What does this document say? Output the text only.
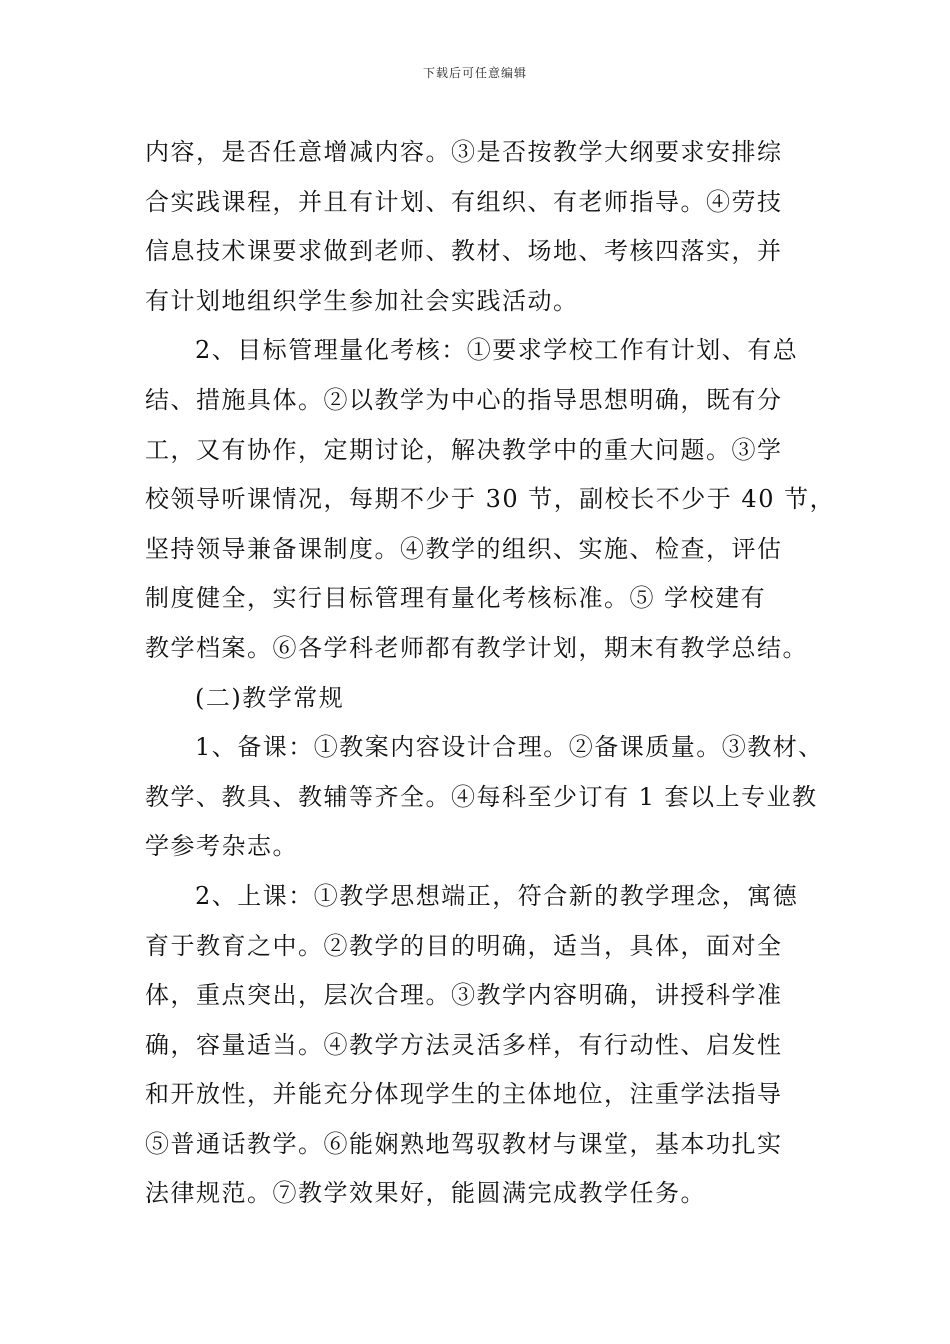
下载后可任意编辑
内容，是否任意增减内容。③是否按教学大纲要求安排综
合实践课程，并且有计划、有组织、有老师指导。④劳技
信息技术课要求做到老师、教材、场地、考核四落实，并
有计划地组织学生参加社会实践活动。
2、目标管理量化考核：①要求学校工作有计划、有总
结、措施具体。②以教学为中心的指导思想明确，既有分
工，又有协作，定期讨论，解决教学中的重大问题。③学
校领导听课情况，每期不少于 30 节，副校长不少于 40 节，
坚持领导兼备课制度。④教学的组织、实施、检查，评估
制度健全，实行目标管理有量化考核标准。⑤ 学校建有
教学档案。⑥各学科老师都有教学计划，期末有教学总结。
(二)教学常规
1、备课：①教案内容设计合理。②备课质量。③教材、
教学、教具、教辅等齐全。④每科至少订有 1 套以上专业教
学参考杂志。
2、上课：①教学思想端正，符合新的教学理念，寓德
育于教育之中。②教学的目的明确，适当，具体，面对全
体，重点突出，层次合理。③教学内容明确，讲授科学准
确，容量适当。④教学方法灵活多样，有行动性、启发性
和开放性，并能充分体现学生的主体地位，注重学法指导
⑤普通话教学。⑥能娴熟地驾驭教材与课堂，基本功扎实
法律规范。⑦教学效果好，能圆满完成教学任务。
